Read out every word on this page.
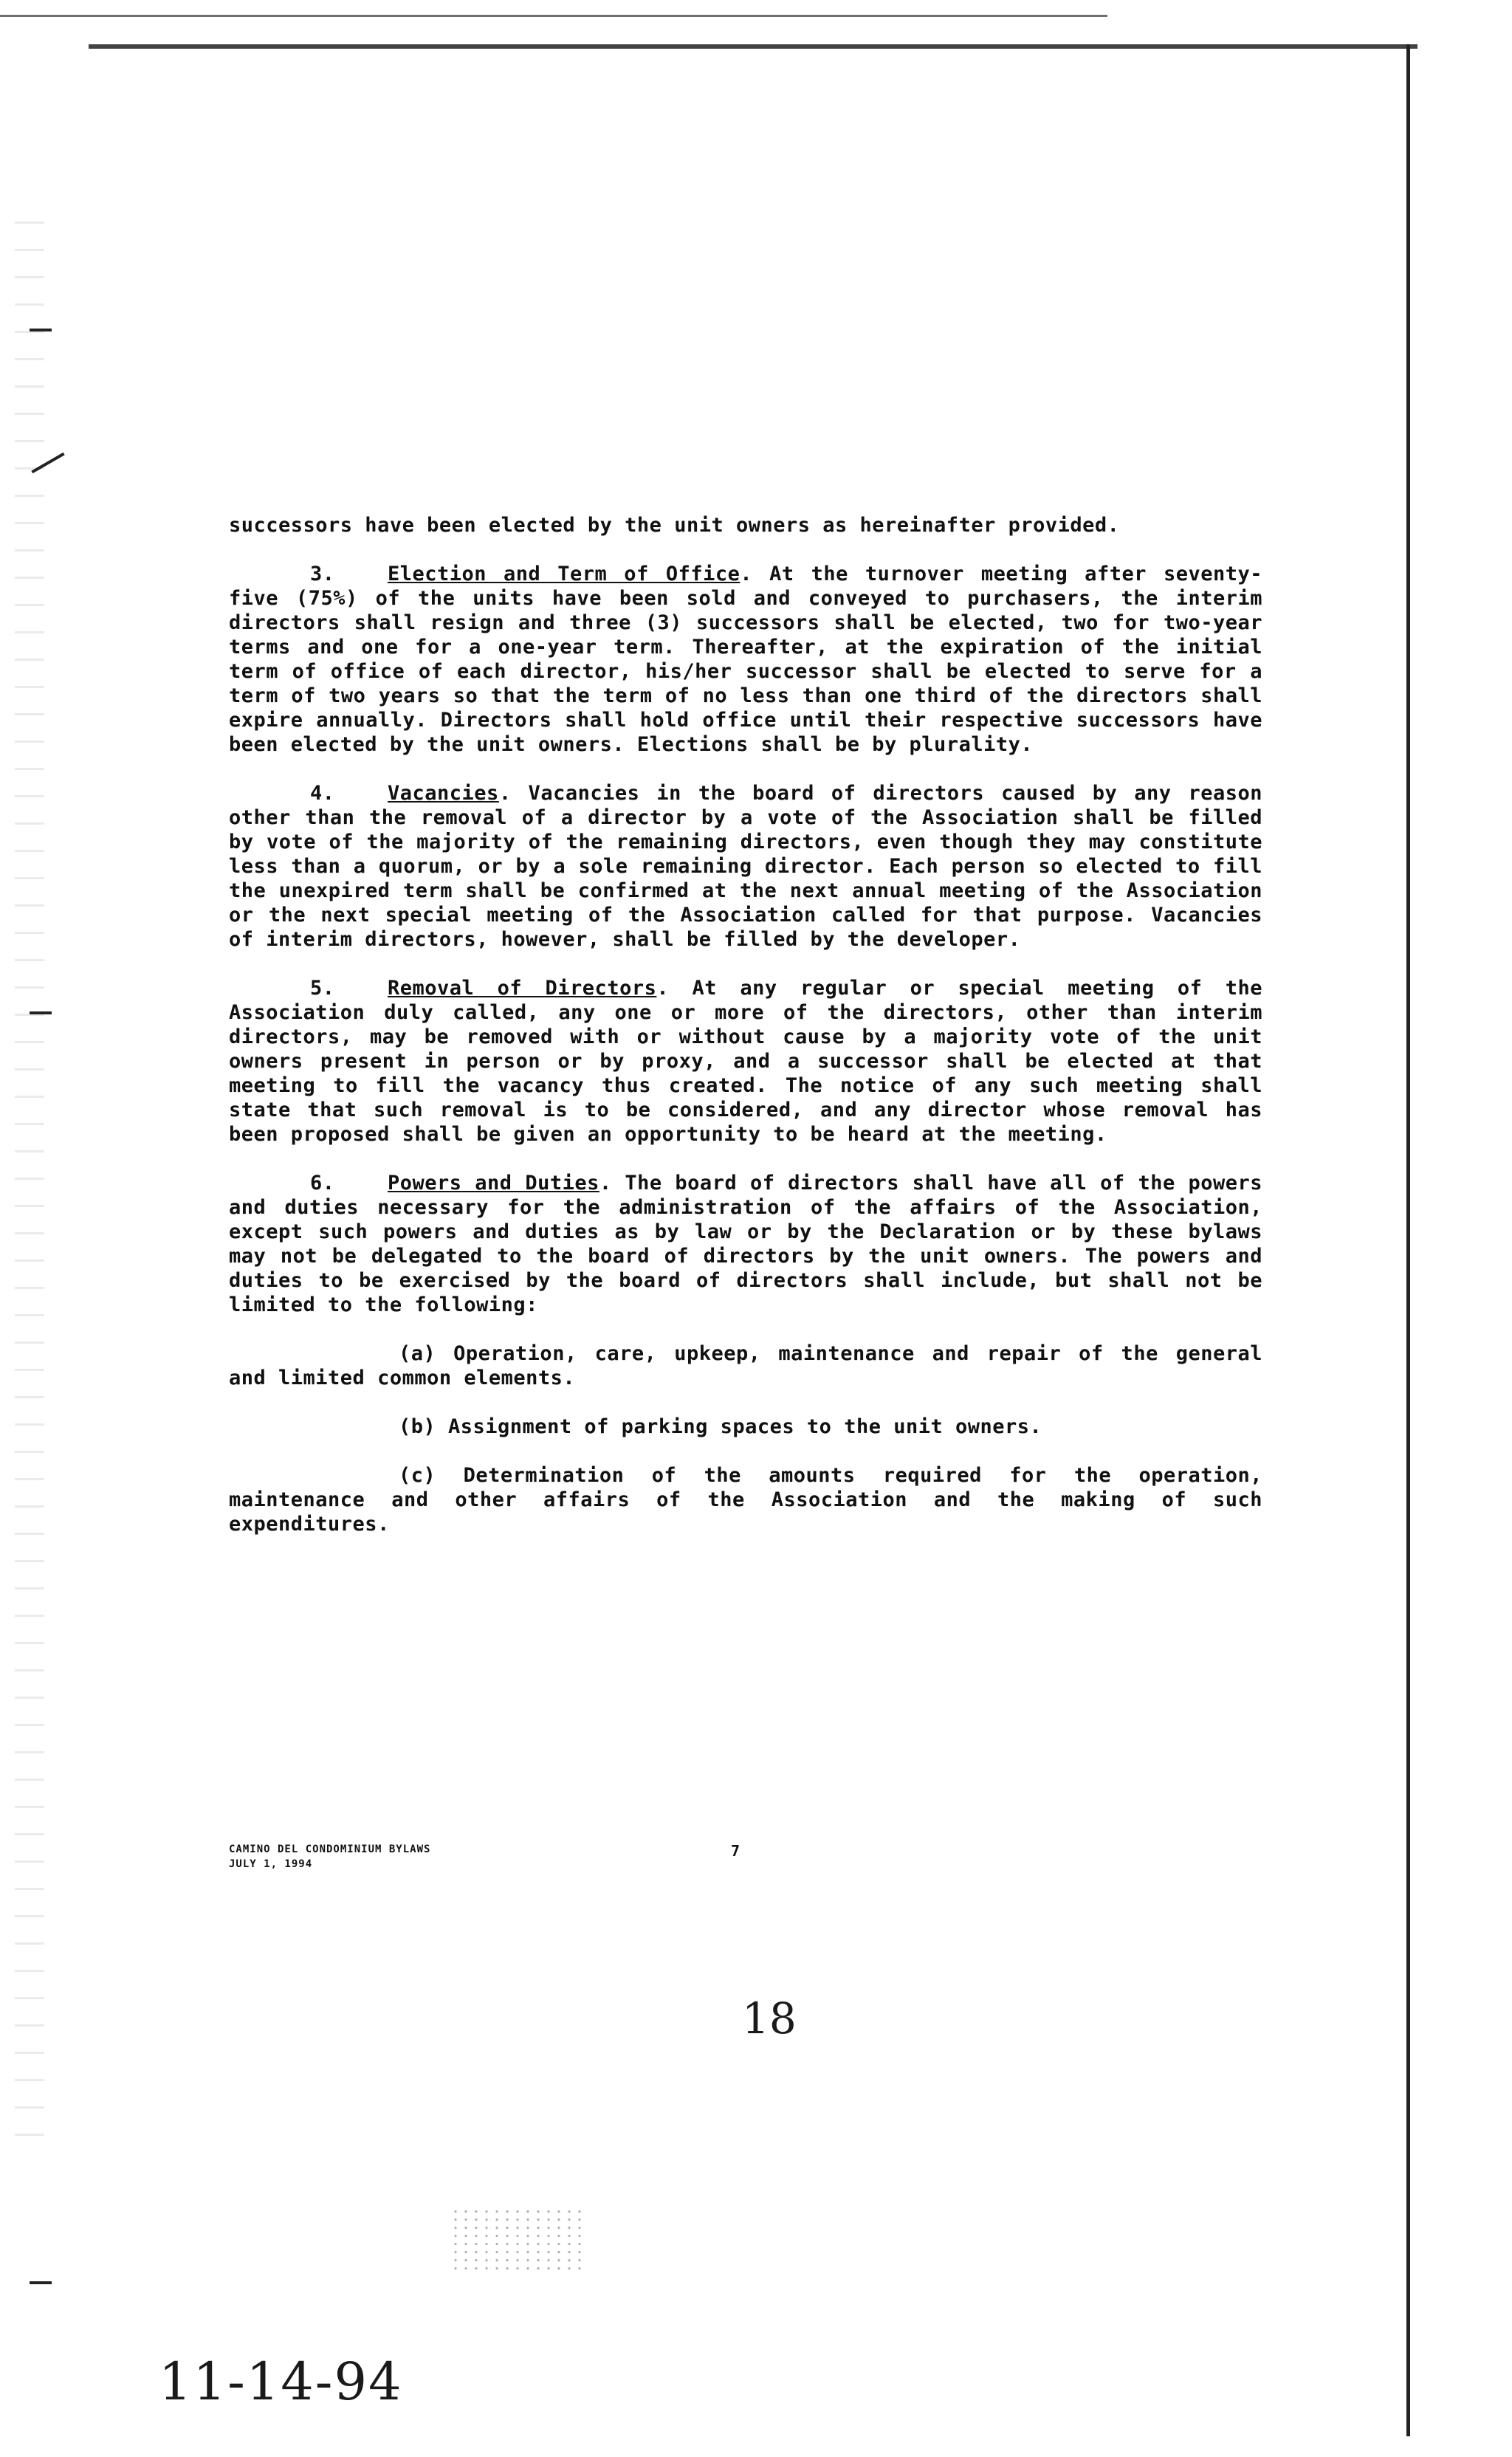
successors have been elected by the unit owners as hereinafter provided.

3.	Election and Term of Office. At the turnover meeting after seventy-five (75%) of the units have been sold and conveyed to purchasers, the interim directors shall resign and three (3) successors shall be elected, two for two-year terms and one for a one-year term. Thereafter, at the expiration of the initial term of office of each director, his/her successor shall be elected to serve for a term of two years so that the term of no less than one third of the directors shall expire annually. Directors shall hold office until their respective successors have been elected by the unit owners. Elections shall be by plurality.

4.	Vacancies. Vacancies in the board of directors caused by any reason other than the removal of a director by a vote of the Association shall be filled by vote of the majority of the remaining directors, even though they may constitute less than a quorum, or by a sole remaining director. Each person so elected to fill the unexpired term shall be confirmed at the next annual meeting of the Association or the next special meeting of the Association called for that purpose. Vacancies of interim directors, however, shall be filled by the developer.

5.	Removal of Directors. At any regular or special meeting of the Association duly called, any one or more of the directors, other than interim directors, may be removed with or without cause by a majority vote of the unit owners present in person or by proxy, and a successor shall be elected at that meeting to fill the vacancy thus created. The notice of any such meeting shall state that such removal is to be considered, and any director whose removal has been proposed shall be given an opportunity to be heard at the meeting.

6.	Powers and Duties. The board of directors shall have all of the powers and duties necessary for the administration of the affairs of the Association, except such powers and duties as by law or by the Declaration or by these bylaws may not be delegated to the board of directors by the unit owners. The powers and duties to be exercised by the board of directors shall include, but shall not be limited to the following:

(a) Operation, care, upkeep, maintenance and repair of the general and limited common elements.

(b) Assignment of parking spaces to the unit owners.

(c) Determination of the amounts required for the operation, maintenance and other affairs of the Association and the making of such expenditures.

CAMINO DEL CONDOMINIUM BYLAWS
JULY 1, 1994
7
18
11-14-94
